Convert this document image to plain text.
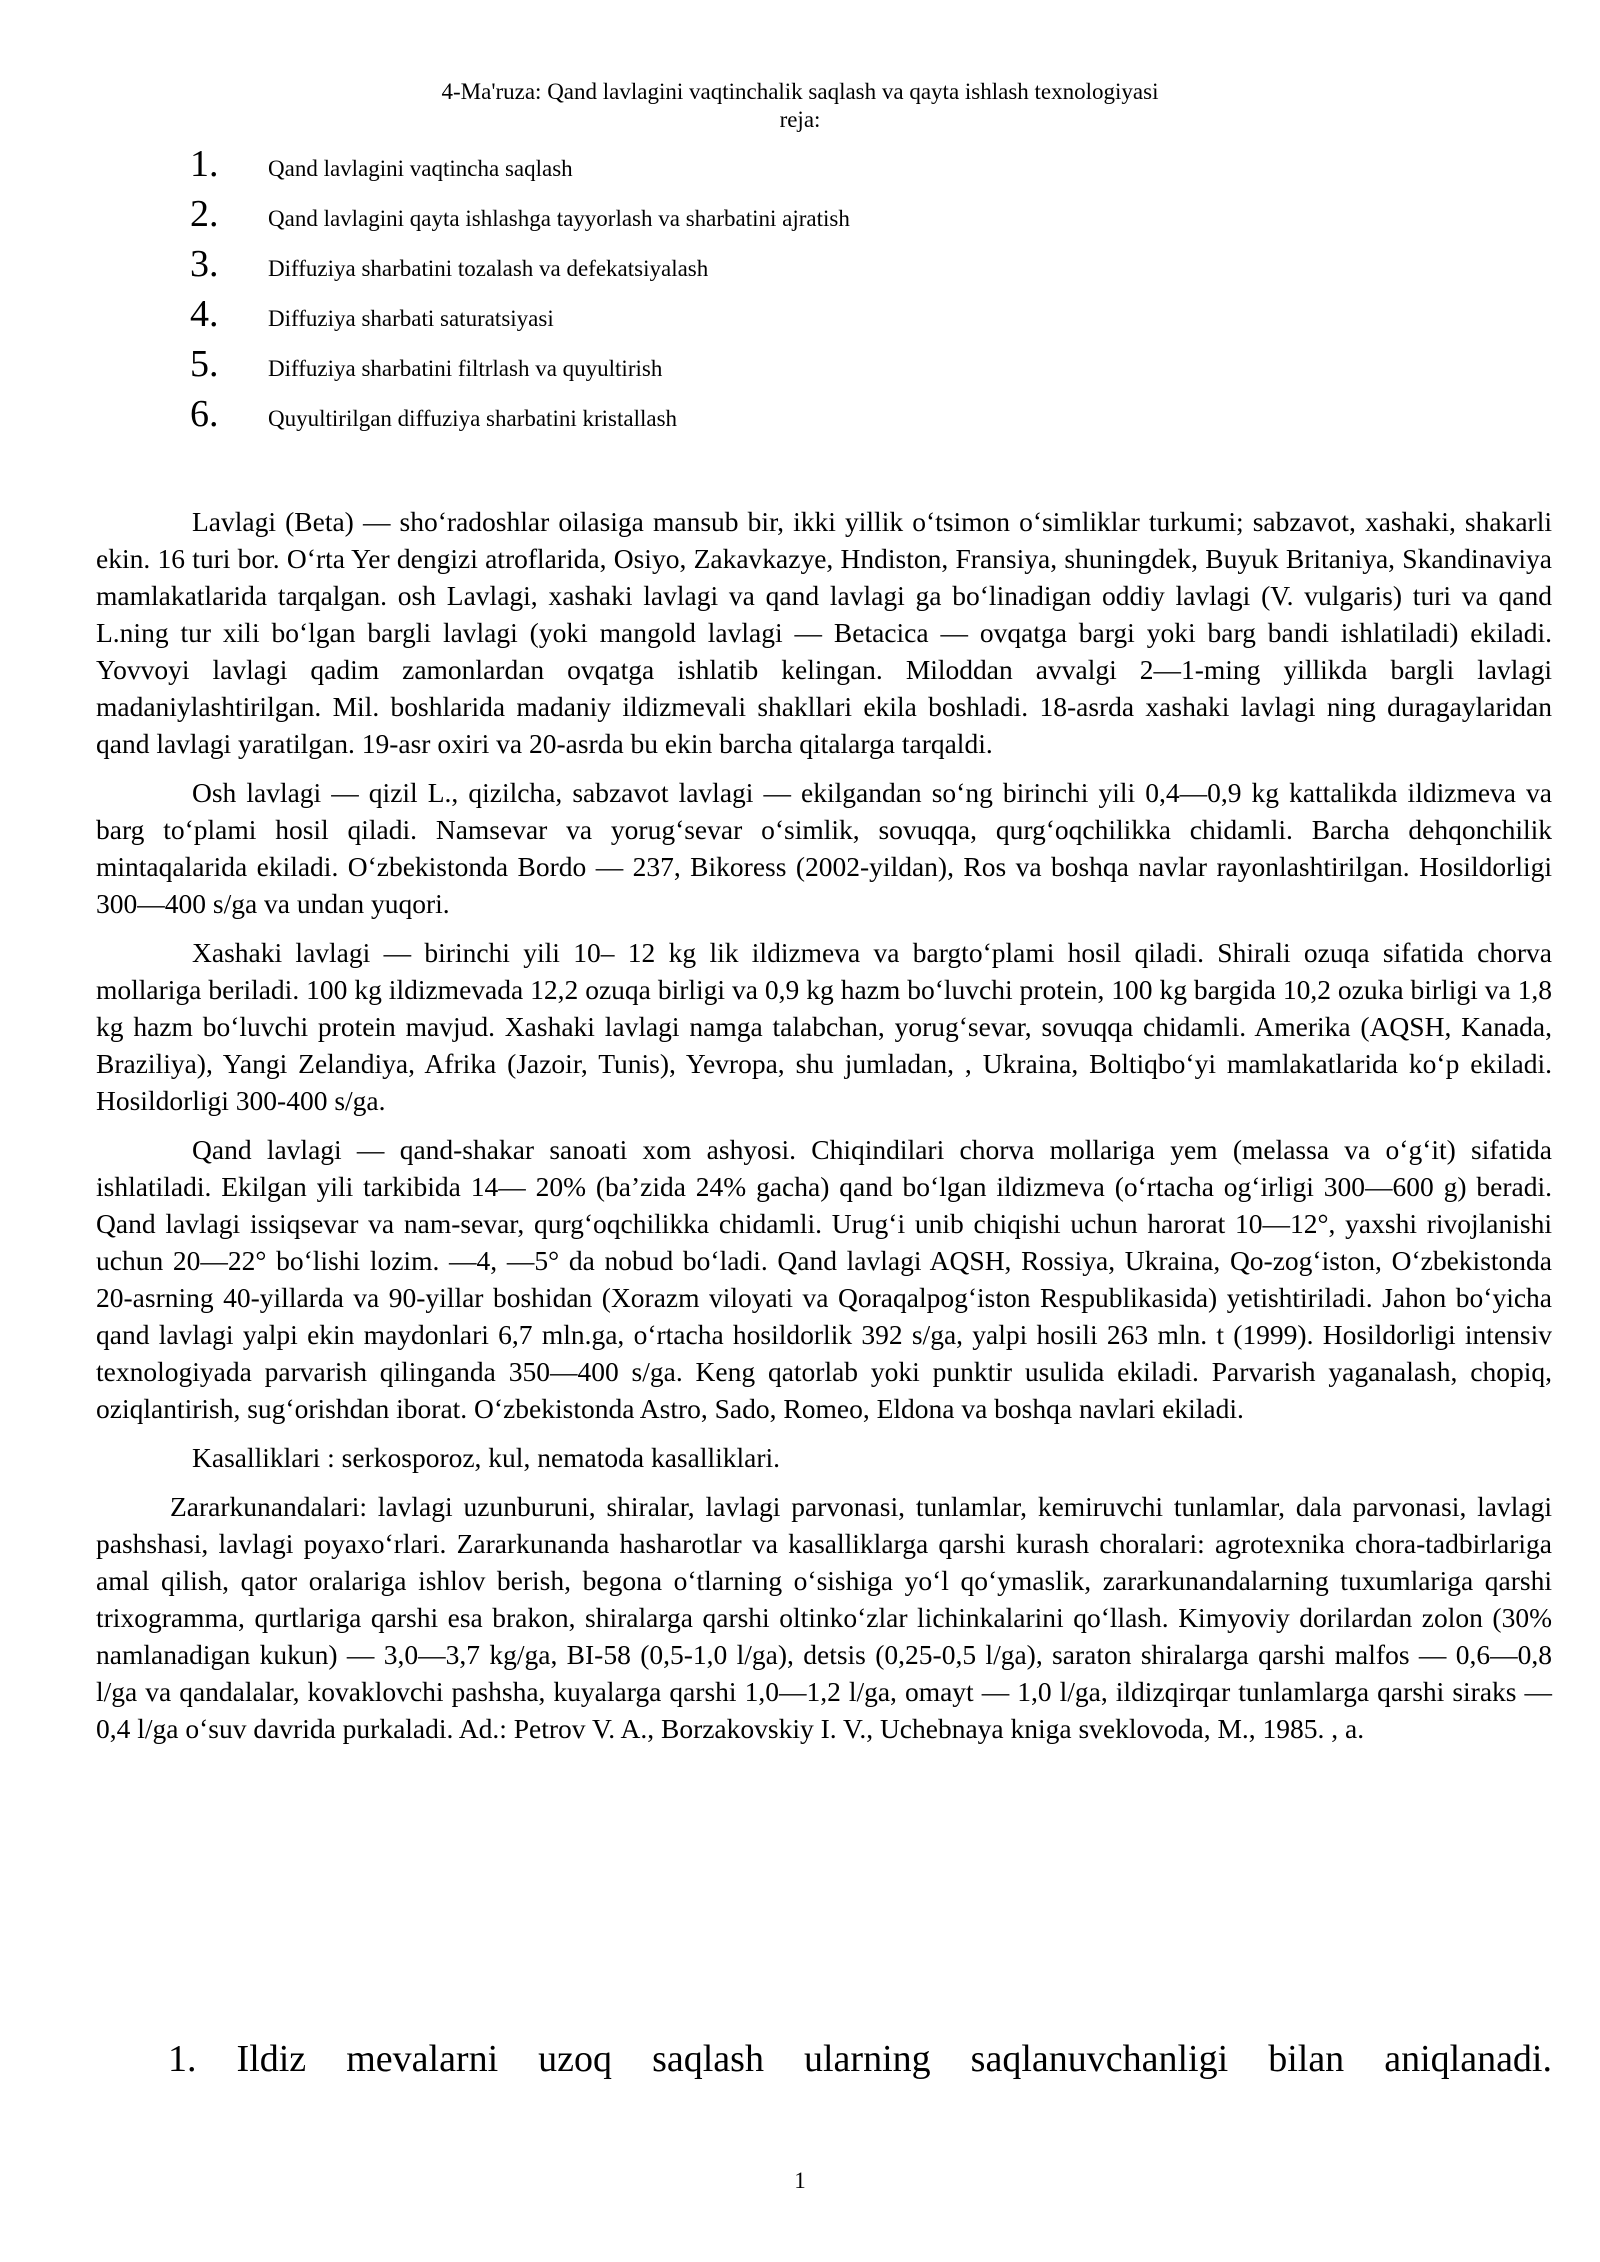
4-Ma'ruza: Qand lavlagini vaqtinchalik saqlash va qayta ishlash texnologiyasi
reja:
1.	Qand lavlagini vaqtincha saqlash
2.	Qand lavlagini qayta ishlashga tayyorlash va sharbatini ajratish
3.	Diffuziya sharbatini tozalash va defekatsiyalash
4.	Diffuziya sharbati saturatsiyasi
5.	Diffuziya sharbatini filtrlash va quyultirish
6.	Quyultirilgan diffuziya sharbatini kristallash

Lavlagi (Beta) — sho‘radoshlar oilasiga mansub bir, ikki yillik o‘tsimon o‘simliklar turkumi; sabzavot, xashaki, shakarli ekin. 16 turi bor. O‘rta Yer dengizi atroflarida, Osiyo, Zakavkazye, Hndiston, Fransiya, shuningdek, Buyuk Britaniya, Skandinaviya mamlakatlarida tarqalgan. osh Lavlagi, xashaki lavlagi va qand lavlagi ga bo‘linadigan oddiy lavlagi (V. vulgaris) turi va qand L.ning tur xili bo‘lgan bargli lavlagi (yoki mangold lavlagi — Betacica — ovqatga bargi yoki barg bandi ishlatiladi) ekiladi. Yovvoyi lavlagi qadim zamonlardan ovqatga ishlatib kelingan. Miloddan avvalgi 2—1-ming yillikda bargli lavlagi madaniylashtirilgan. Mil. boshlarida madaniy ildizmevali shakllari ekila boshladi. 18-asrda xashaki lavlagi ning duragaylaridan qand lavlagi yaratilgan. 19-asr oxiri va 20-asrda bu ekin barcha qitalarga tarqaldi.

Osh lavlagi — qizil L., qizilcha, sabzavot lavlagi — ekilgandan so‘ng birinchi yili 0,4—0,9 kg kattalikda ildizmeva va barg to‘plami hosil qiladi. Namsevar va yorug‘sevar o‘simlik, sovuqqa, qurg‘oqchilikka chidamli. Barcha dehqonchilik mintaqalarida ekiladi. O‘zbekistonda Bordo — 237, Bikoress (2002-yildan), Ros va boshqa navlar rayonlashtirilgan. Hosildorligi 300—400 s/ga va undan yuqori.

Xashaki lavlagi — birinchi yili 10– 12 kg lik ildizmeva va bargto‘plami hosil qiladi. Shirali ozuqa sifatida chorva mollariga beriladi. 100 kg ildizmevada 12,2 ozuqa birligi va 0,9 kg hazm bo‘luvchi protein, 100 kg bargida 10,2 ozuka birligi va 1,8 kg hazm bo‘luvchi protein mavjud. Xashaki lavlagi namga talabchan, yorug‘sevar, sovuqqa chidamli. Amerika (AQSH, Kanada, Braziliya), Yangi Zelandiya, Afrika (Jazoir, Tunis), Yevropa, shu jumladan, , Ukraina, Boltiqbo‘yi mamlakatlarida ko‘p ekiladi. Hosildorligi 300-400 s/ga.

Qand lavlagi — qand-shakar sanoati xom ashyosi. Chiqindilari chorva mollariga yem (melassa va o‘g‘it) sifatida ishlatiladi. Ekilgan yili tarkibida 14— 20% (ba’zida 24% gacha) qand bo‘lgan ildizmeva (o‘rtacha og‘irligi 300—600 g) beradi. Qand lavlagi issiqsevar va nam-sevar, qurg‘oqchilikka chidamli. Urug‘i unib chiqishi uchun harorat 10—12°, yaxshi rivojlanishi uchun 20—22° bo‘lishi lozim. —4, —5° da nobud bo‘ladi. Qand lavlagi AQSH, Rossiya, Ukraina, Qo-zog‘iston, O‘zbekistonda 20-asrning 40-yillarda va 90-yillar boshidan (Xorazm viloyati va Qoraqalpog‘iston Respublikasida) yetishtiriladi. Jahon bo‘yicha qand lavlagi yalpi ekin maydonlari 6,7 mln.ga, o‘rtacha hosildorlik 392 s/ga, yalpi hosili 263 mln. t (1999). Hosildorligi intensiv texnologiyada parvarish qilinganda 350—400 s/ga. Keng qatorlab yoki punktir usulida ekiladi. Parvarish yaganalash, chopiq, oziqlantirish, sug‘orishdan iborat. O‘zbekistonda Astro, Sado, Romeo, Eldona va boshqa navlari ekiladi.

Kasalliklari : serkosporoz, kul, nematoda kasalliklari.

Zararkunandalari: lavlagi uzunburuni, shiralar, lavlagi parvonasi, tunlamlar, kemiruvchi tunlamlar, dala parvonasi, lavlagi pashshasi, lavlagi poyaxo‘rlari. Zararkunanda hasharotlar va kasalliklarga qarshi kurash choralari: agrotexnika chora-tadbirlariga amal qilish, qator oralariga ishlov berish, begona o‘tlarning o‘sishiga yo‘l qo‘ymaslik, zararkunandalarning tuxumlariga qarshi trixogramma, qurtlariga qarshi esa brakon, shiralarga qarshi oltinko‘zlar lichinkalarini qo‘llash. Kimyoviy dorilardan zolon (30% namlanadigan kukun) — 3,0—3,7 kg/ga, BI-58 (0,5-1,0 l/ga), detsis (0,25-0,5 l/ga), saraton shiralarga qarshi malfos — 0,6—0,8 l/ga va qandalalar, kovaklovchi pashsha, kuyalarga qarshi 1,0—1,2 l/ga, omayt — 1,0 l/ga, ildizqirqar tunlamlarga qarshi siraks — 0,4 l/ga o‘suv davrida purkaladi. Ad.: Petrov V. A., Borzakovskiy I. V., Uchebnaya kniga sveklovoda, M., 1985. , a.

1. Ildiz mevalarni uzoq saqlash ularning saqlanuvchanligi bilan aniqlanadi.
1
